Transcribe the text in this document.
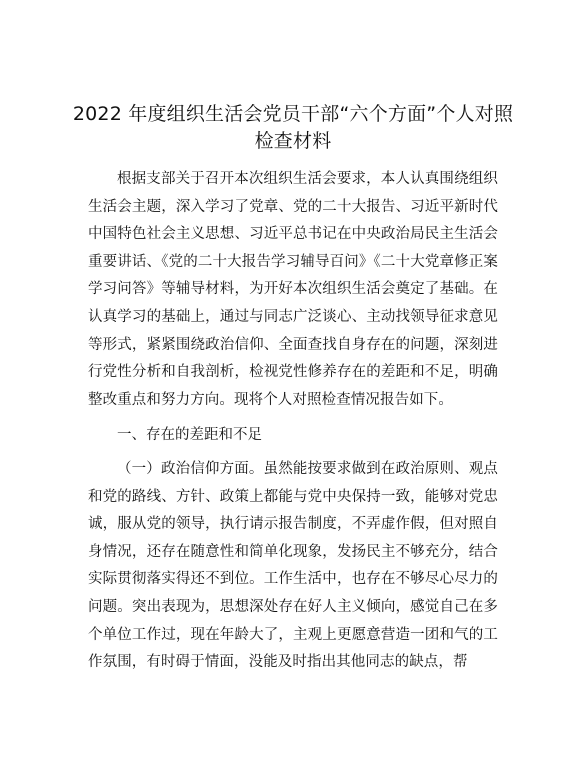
2022 年度组织生活会党员干部“六个方面”个人对照检查材料

根据支部关于召开本次组织生活会要求，本人认真围绕组织生活会主题，深入学习了党章、党的二十大报告、习近平新时代中国特色社会主义思想、习近平总书记在中央政治局民主生活会重要讲话、《党的二十大报告学习辅导百问》《二十大党章修正案学习问答》等辅导材料，为开好本次组织生活会奠定了基础。在认真学习的基础上，通过与同志广泛谈心、主动找领导征求意见等形式，紧紧围绕政治信仰、全面查找自身存在的问题，深刻进行党性分析和自我剖析，检视党性修养存在的差距和不足，明确整改重点和努力方向。现将个人对照检查情况报告如下。

一、存在的差距和不足

（一）政治信仰方面。虽然能按要求做到在政治原则、观点和党的路线、方针、政策上都能与党中央保持一致，能够对党忠诚，服从党的领导，执行请示报告制度，不弄虚作假，但对照自身情况，还存在随意性和简单化现象，发扬民主不够充分，结合实际贯彻落实得还不到位。工作生活中，也存在不够尽心尽力的问题。突出表现为，思想深处存在好人主义倾向，感觉自己在多个单位工作过，现在年龄大了，主观上更愿意营造一团和气的工作氛围，有时碍于情面，没能及时指出其他同志的缺点，帮
